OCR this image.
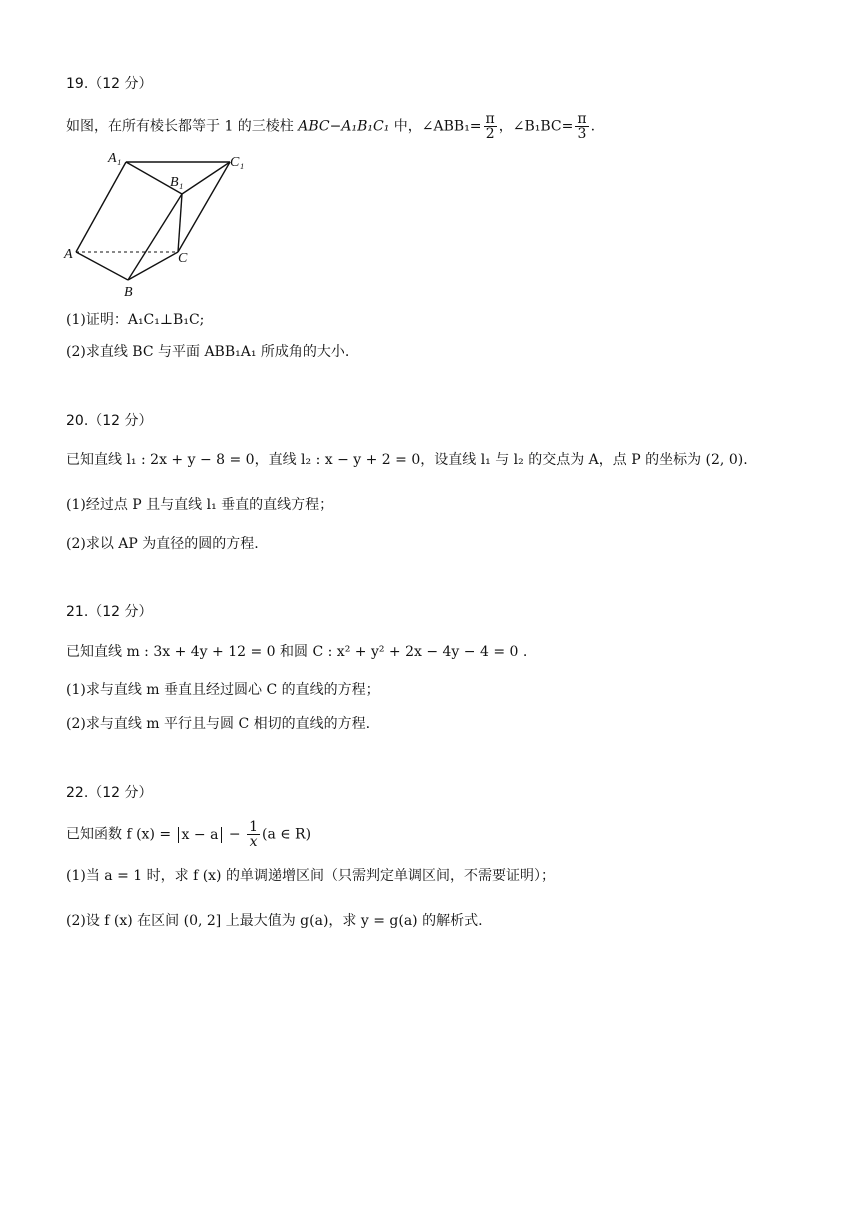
19.（12 分）
如图，在所有棱长都等于 1 的三棱柱 ABC−A₁B₁C₁ 中，∠ABB₁= $\frac{\pi}{2}$ ，∠B₁BC= $\frac{\pi}{3}$ .
A₁
B₁
C₁
A
B
C
(1)证明：A₁C₁⊥B₁C;
(2)求直线 BC 与平面 ABB₁A₁ 所成角的大小.
20.（12 分）
已知直线 l₁ : 2x + y − 8 = 0，直线 l₂ : x − y + 2 = 0，设直线 l₁ 与 l₂ 的交点为 A，点 P 的坐标为 (2, 0).
(1)经过点 P 且与直线 l₁ 垂直的直线方程；
(2)求以 AP 为直径的圆的方程.
21.（12 分）
已知直线 m : 3x + 4y + 12 = 0 和圆 C : x² + y² + 2x − 4y − 4 = 0 .
(1)求与直线 m 垂直且经过圆心 C 的直线的方程；
(2)求与直线 m 平行且与圆 C 相切的直线的方程.
22.（12 分）
已知函数 f $(x) = x - a - \frac{1}{x} (a$ ∈ R)
(1)当 a = 1 时，求 f (x) 的单调递增区间（只需判定单调区间，不需要证明）；
(2)设 f (x) 在区间 (0, 2] 上最大值为 g(a)，求 y = g(a) 的解析式.
